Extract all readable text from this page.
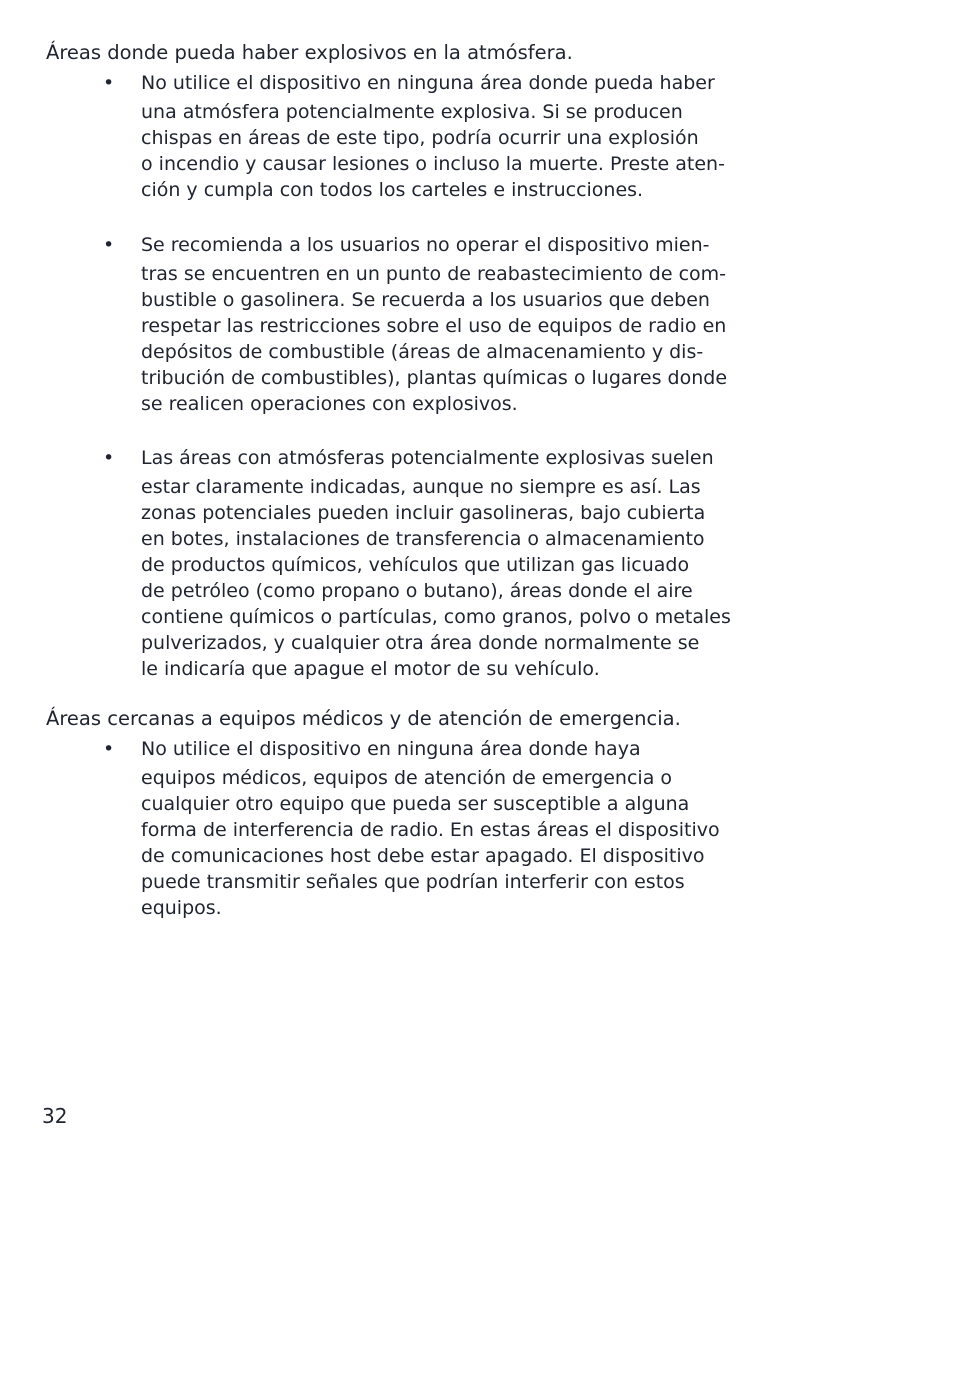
Áreas donde pueda haber explosivos en la atmósfera.

• No utilice el dispositivo en ninguna área donde pueda haber
una atmósfera potencialmente explosiva. Si se producen
chispas en áreas de este tipo, podría ocurrir una explosión
o incendio y causar lesiones o incluso la muerte. Preste aten-
ción y cumpla con todos los carteles e instrucciones.
• Se recomienda a los usuarios no operar el dispositivo mien-
tras se encuentren en un punto de reabastecimiento de com-
bustible o gasolinera. Se recuerda a los usuarios que deben
respetar las restricciones sobre el uso de equipos de radio en
depósitos de combustible (áreas de almacenamiento y dis-
tribución de combustibles), plantas químicas o lugares donde
se realicen operaciones con explosivos.
• Las áreas con atmósferas potencialmente explosivas suelen
estar claramente indicadas, aunque no siempre es así. Las
zonas potenciales pueden incluir gasolineras, bajo cubierta
en botes, instalaciones de transferencia o almacenamiento
de productos químicos, vehículos que utilizan gas licuado
de petróleo (como propano o butano), áreas donde el aire
contiene químicos o partículas, como granos, polvo o metales
pulverizados, y cualquier otra área donde normalmente se
le indicaría que apague el motor de su vehículo.

Áreas cercanas a equipos médicos y de atención de emergencia.

• No utilice el dispositivo en ninguna área donde haya
equipos médicos, equipos de atención de emergencia o
cualquier otro equipo que pueda ser susceptible a alguna
forma de interferencia de radio. En estas áreas el dispositivo
de comunicaciones host debe estar apagado. El dispositivo
puede transmitir señales que podrían interferir con estos
equipos.
32
